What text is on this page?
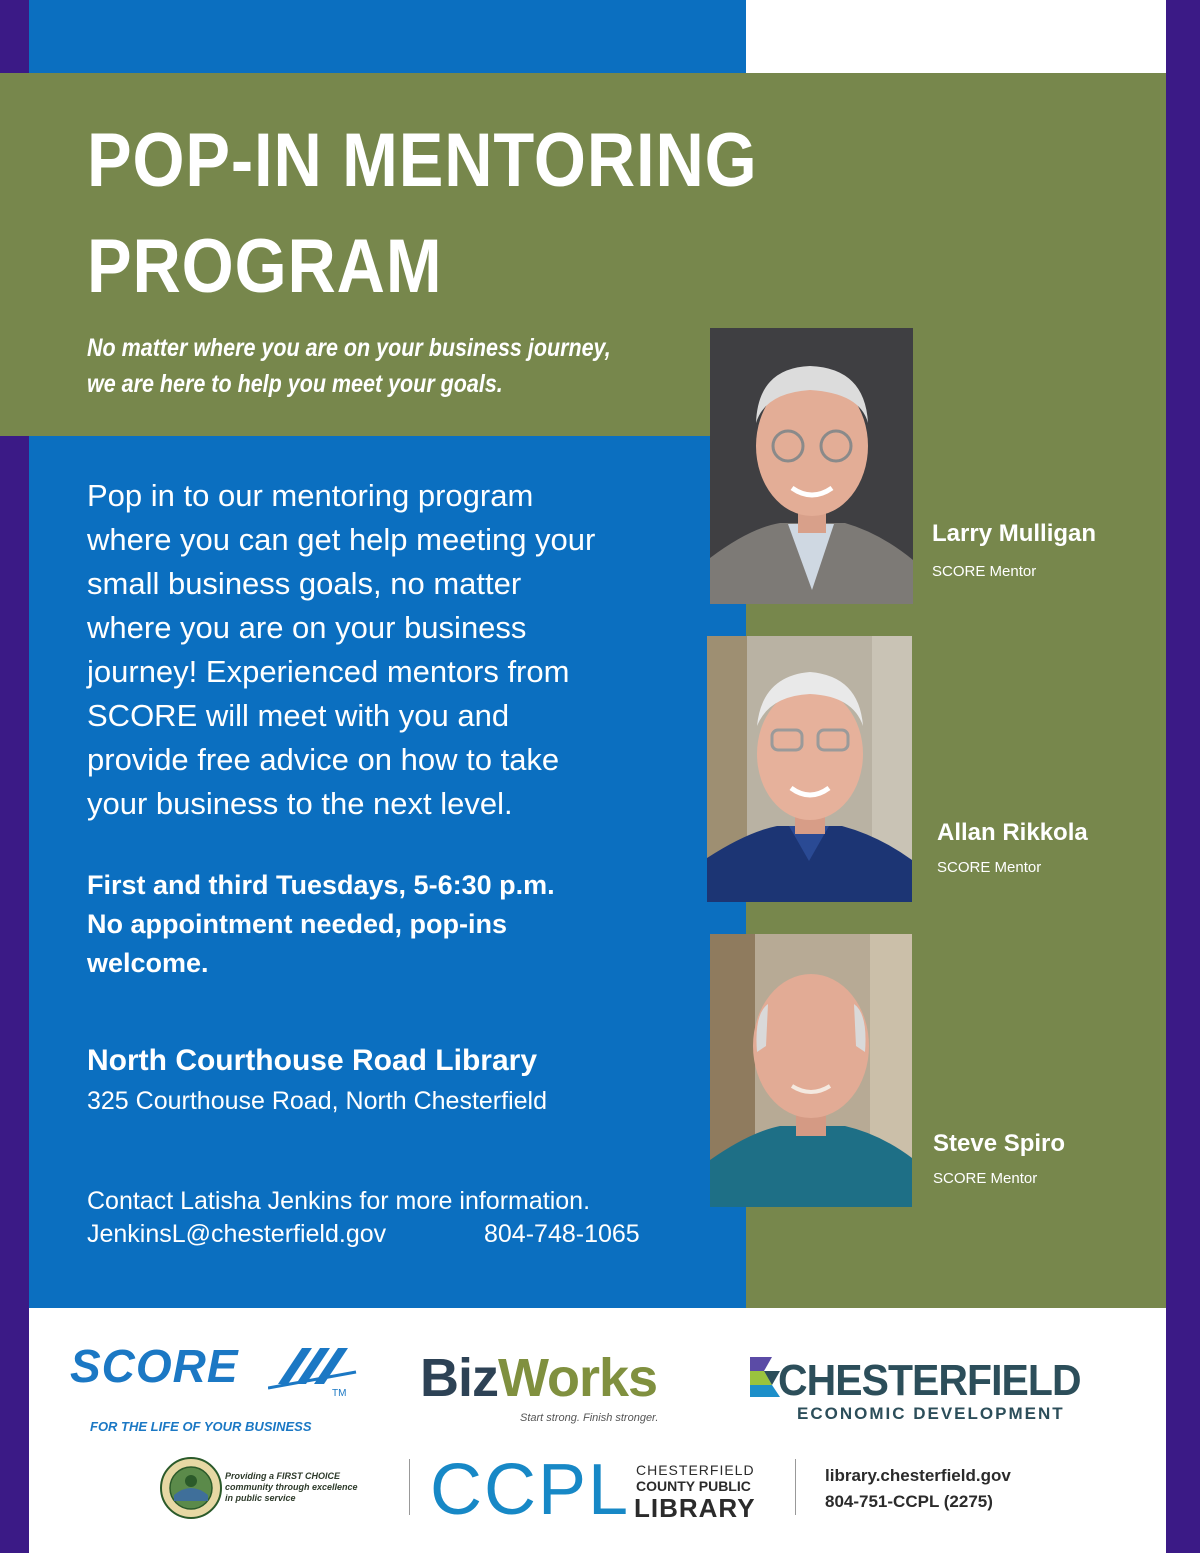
POP-IN MENTORING
PROGRAM
No matter where you are on your business journey,
we are here to help you meet your goals.
Pop in to our mentoring program
where you can get help meeting your
small business goals, no matter
where you are on your business
journey! Experienced mentors from
SCORE will meet with you and
provide free advice on how to take
your business to the next level.
First and third Tuesdays, 5-6:30 p.m.
No appointment needed, pop-ins
welcome.
North Courthouse Road Library
325 Courthouse Road, North Chesterfield
Contact Latisha Jenkins for more information.
JenkinsL@chesterfield.gov	804-748-1065
Larry Mulligan
SCORE Mentor
Allan Rikkola
SCORE Mentor
Steve Spiro
SCORE Mentor
SCORE
TM
FOR THE LIFE OF YOUR BUSINESS
BizWorks
Start strong. Finish stronger.
CHESTERFIELD
ECONOMIC DEVELOPMENT
Providing a FIRST CHOICE
community through excellence
in public service	CCPL CHESTERFIELD
COUNTY PUBLIC
LIBRARY
library.chesterfield.gov
804-751-CCPL (2275)
